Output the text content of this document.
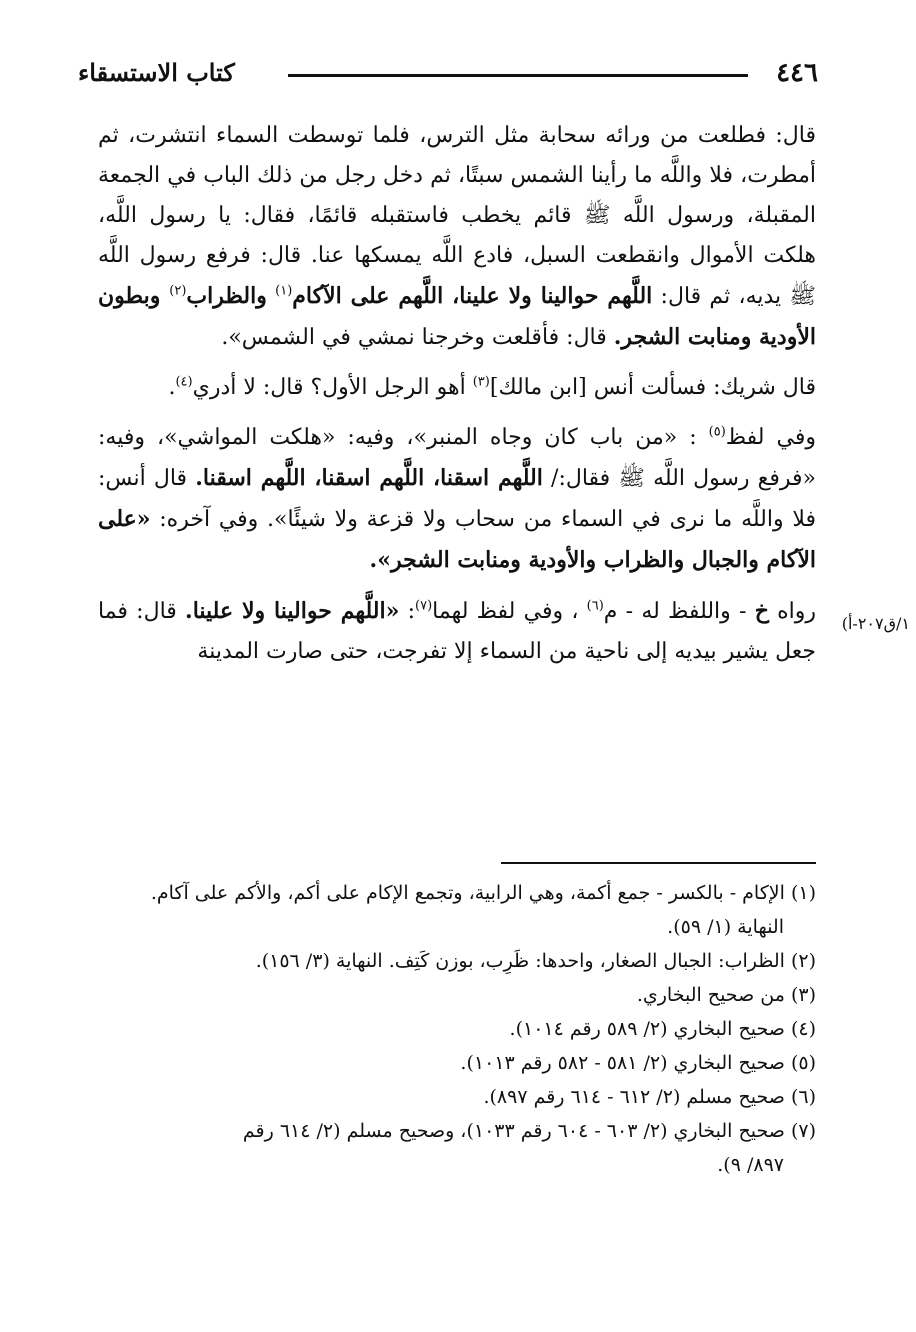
٤٤٦
كتاب الاستسقاء

قال: فطلعت من ورائه سحابة مثل الترس، فلما توسطت السماء انتشرت، ثم أمطرت، فلا واللَّه ما رأينا الشمس سبتًا، ثم دخل رجل من ذلك الباب في الجمعة المقبلة، ورسول اللَّه ﷺ قائم يخطب فاستقبله قائمًا، فقال: يا رسول اللَّه، هلكت الأموال وانقطعت السبل، فادع اللَّه يمسكها عنا. قال: فرفع رسول اللَّه ﷺ يديه، ثم قال: اللَّهم حوالينا ولا علينا، اللَّهم على الآكام$^{(١)}$ والظراب$^{(٢)}$ وبطون الأودية ومنابت الشجر. قال: فأقلعت وخرجنا نمشي في الشمس».

قال شريك: فسألت أنس [ابن مالك]$^{(٣)}$ أهو الرجل الأول؟ قال: لا أدري$^{(٤)}$.

وفي لفظ$^{(٥)}$ : «من باب كان وجاه المنبر»، وفيه: «هلكت المواشي»، وفيه: «فرفع رسول اللَّه ﷺ فقال:/ اللَّهم اسقنا، اللَّهم اسقنا، اللَّهم اسقنا. قال أنس: فلا واللَّه ما نرى في السماء من سحاب ولا قزعة ولا شيئًا». وفي آخره: «على الآكام والجبال والظراب والأودية ومنابت الشجر».

رواه خ - واللفظ له - م$^{(٦)}$ ، وفي لفظ لهما$^{(٧)}$: «اللَّهم حوالينا ولا علينا. قال: فما جعل يشير بيديه إلى ناحية من السماء إلا تفرجت، حتى صارت المدينة

١/ق٢٠٧-أ)

(١) الإكام - بالكسر - جمع أكمة، وهي الرابية، وتجمع الإكام على أكم، والأكم على آكام.
النهاية (١/ ٥٩).

(٢) الظراب: الجبال الصغار، واحدها: ظَرِب، بوزن كَتِف. النهاية (٣/ ١٥٦).

(٣) من صحيح البخاري.

(٤) صحيح البخاري (٢/ ٥٨٩ رقم ١٠١٤).

(٥) صحيح البخاري (٢/ ٥٨١ - ٥٨٢ رقم ١٠١٣).

(٦) صحيح مسلم (٢/ ٦١٢ - ٦١٤ رقم ٨٩٧).

(٧) صحيح البخاري (٢/ ٦٠٣ - ٦٠٤ رقم ١٠٣٣)، وصحيح مسلم (٢/ ٦١٤ رقم
٨٩٧/ ٩).
